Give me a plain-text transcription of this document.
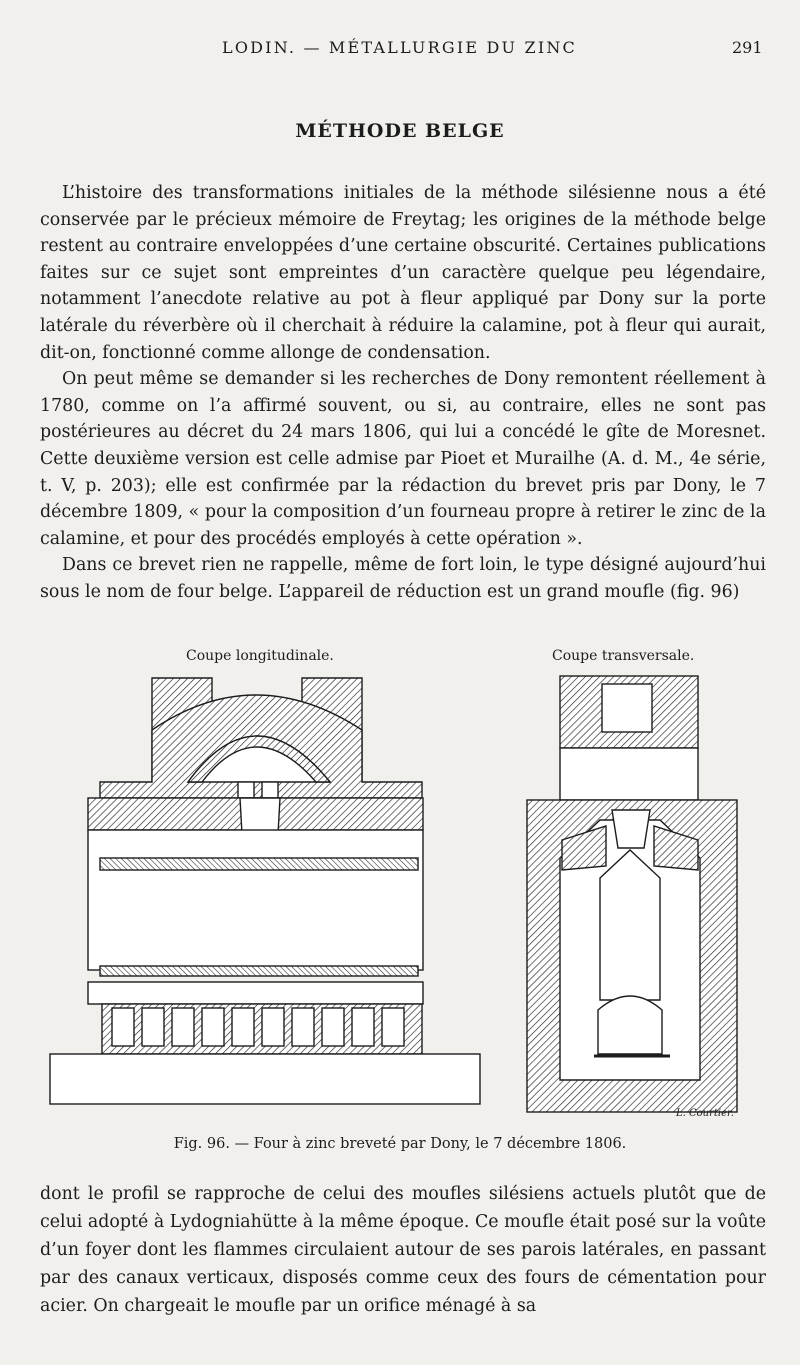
LODIN. — MÉTALLURGIE DU ZINC	291
MÉTHODE BELGE

L’histoire des transformations initiales de la méthode silésienne nous a été conservée par le précieux mémoire de Freytag; les origines de la méthode belge restent au contraire enveloppées d’une certaine obscurité. Certaines publications faites sur ce sujet sont empreintes d’un caractère quelque peu légendaire, notamment l’anecdote relative au pot à fleur appliqué par Dony sur la porte latérale du réverbère où il cherchait à réduire la calamine, pot à fleur qui aurait, dit-on, fonctionné comme allonge de condensation.

On peut même se demander si les recherches de Dony remontent réellement à 1780, comme on l’a affirmé souvent, ou si, au contraire, elles ne sont pas postérieures au décret du 24 mars 1806, qui lui a concédé le gîte de Moresnet. Cette deuxième version est celle admise par Pioet et Murailhe (A. d. M., 4e série, t. V, p. 203); elle est confirmée par la rédaction du brevet pris par Dony, le 7 décembre 1809, « pour la composition d’un fourneau propre à retirer le zinc de la calamine, et pour des procédés employés à cette opération ».

Dans ce brevet rien ne rappelle, même de fort loin, le type désigné aujourd’hui sous le nom de four belge. L’appareil de réduction est un grand moufle (fig. 96)

Coupe longitudinale.	Coupe transversale.
L. Courtier.
Fig. 96. — Four à zinc breveté par Dony, le 7 décembre 1806.

dont le profil se rapproche de celui des moufles silésiens actuels plutôt que de celui adopté à Lydogniahütte à la même époque. Ce moufle était posé sur la voûte d’un foyer dont les flammes circulaient autour de ses parois latérales, en passant par des canaux verticaux, disposés comme ceux des fours de cémentation pour acier. On chargeait le moufle par un orifice ménagé à sa
